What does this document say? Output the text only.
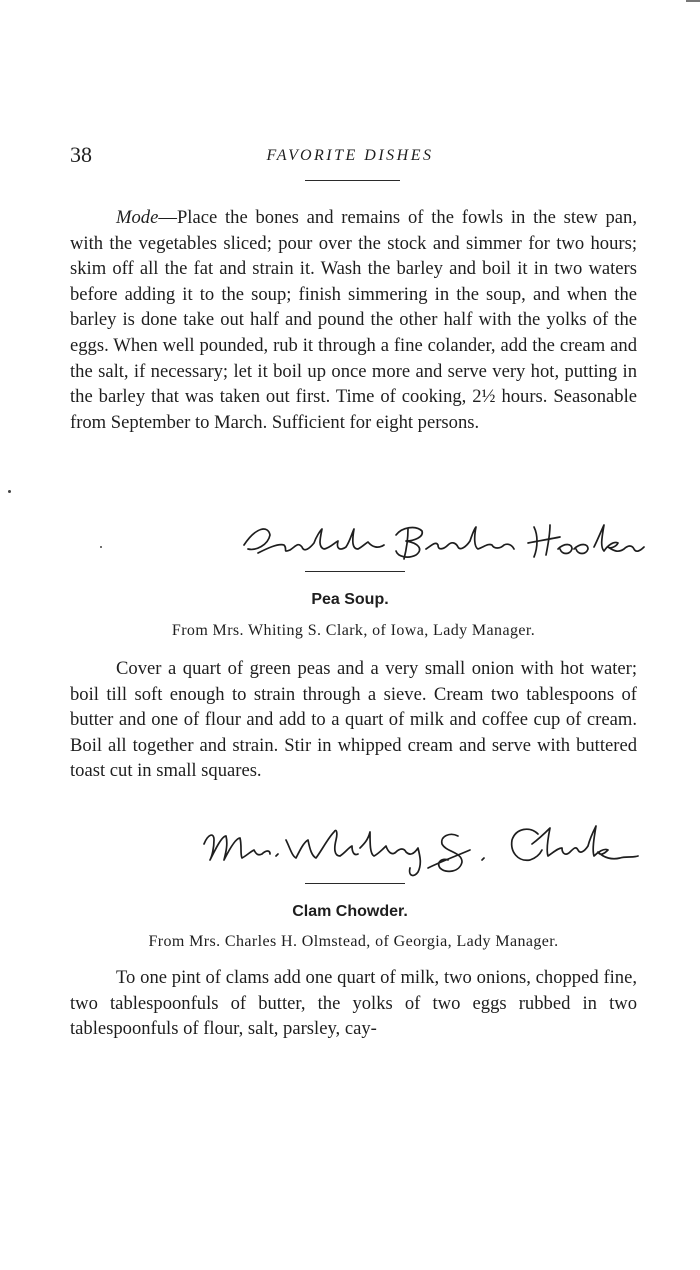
38	FAVORITE DISHES
Mode—Place the bones and remains of the fowls in the stew pan, with the vegetables sliced; pour over the stock and simmer for two hours; skim off all the fat and strain it. Wash the barley and boil it in two waters before adding it to the soup; finish simmering in the soup, and when the barley is done take out half and pound the other half with the yolks of the eggs. When well pounded, rub it through a fine colander, add the cream and the salt, if necessary; let it boil up once more and serve very hot, putting in the barley that was taken out first. Time of cooking, 2½ hours. Seasonable from September to March. Sufficient for eight persons.
Pea Soup.
From Mrs. Whiting S. Clark, of Iowa, Lady Manager.
Cover a quart of green peas and a very small onion with hot water; boil till soft enough to strain through a sieve. Cream two tablespoons of butter and one of flour and add to a quart of milk and coffee cup of cream. Boil all together and strain. Stir in whipped cream and serve with buttered toast cut in small squares.
Clam Chowder.
From Mrs. Charles H. Olmstead, of Georgia, Lady Manager.
To one pint of clams add one quart of milk, two onions, chopped fine, two tablespoonfuls of butter, the yolks of two eggs rubbed in two tablespoonfuls of flour, salt, parsley, cay-
